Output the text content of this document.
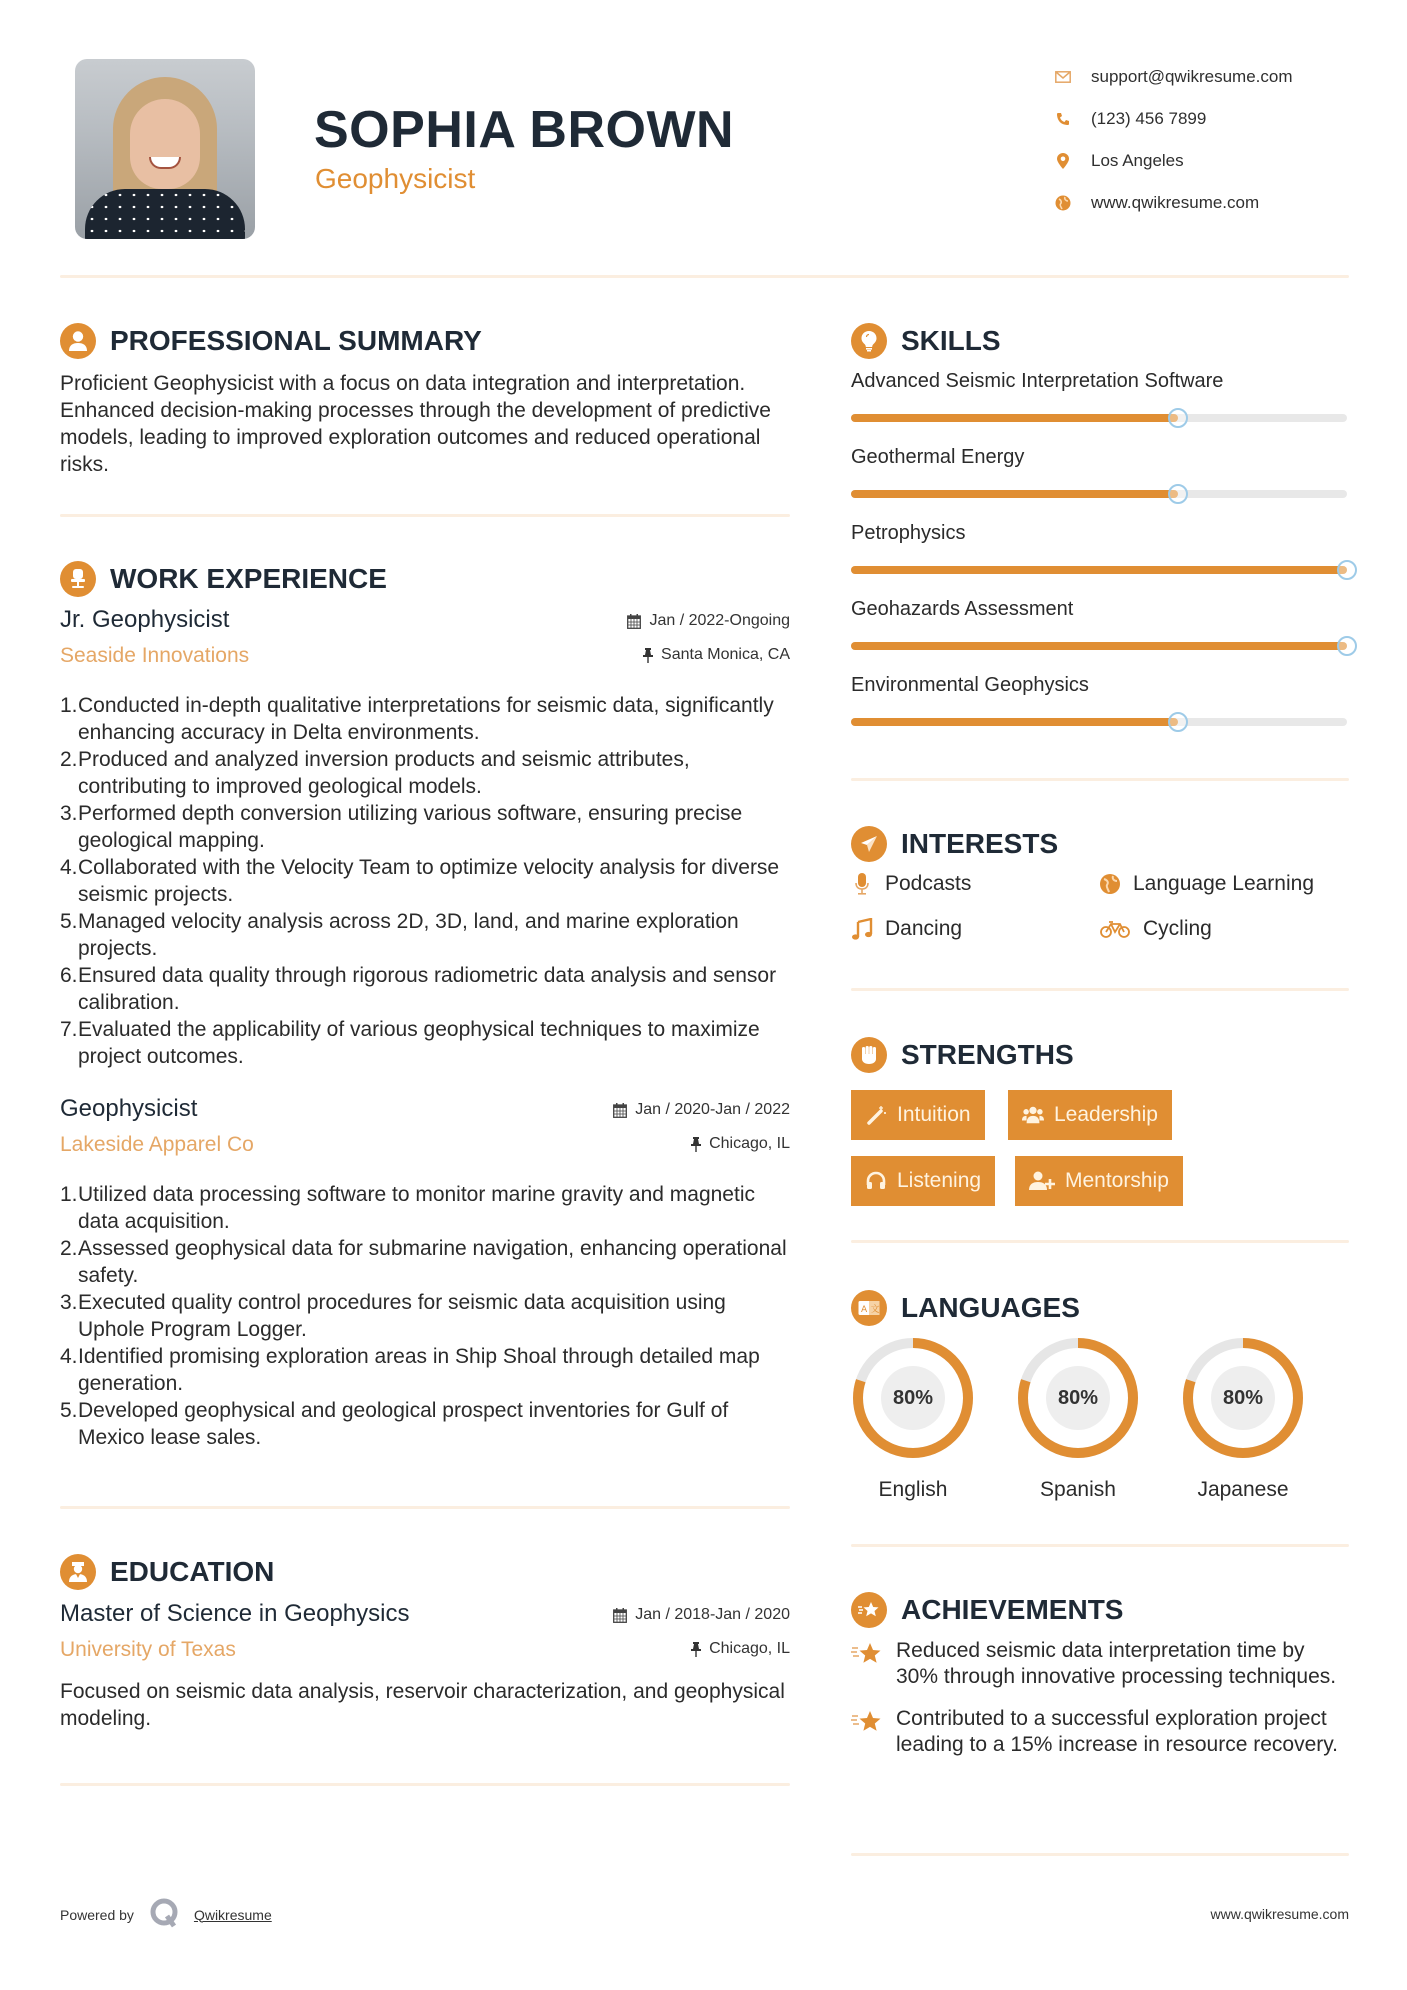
SOPHIA BROWN
Geophysicist
support@qwikresume.com
(123) 456 7899
Los Angeles
www.qwikresume.com
PROFESSIONAL SUMMARY
Proficient Geophysicist with a focus on data integration and interpretation. Enhanced decision-making processes through the development of predictive models, leading to improved exploration outcomes and reduced operational risks.
WORK EXPERIENCE
Jr. Geophysicist
Seaside Innovations
Jan / 2022-Ongoing
Santa Monica, CA
1. Conducted in-depth qualitative interpretations for seismic data, significantly enhancing accuracy in Delta environments.
2. Produced and analyzed inversion products and seismic attributes, contributing to improved geological models.
3. Performed depth conversion utilizing various software, ensuring precise geological mapping.
4. Collaborated with the Velocity Team to optimize velocity analysis for diverse seismic projects.
5. Managed velocity analysis across 2D, 3D, land, and marine exploration projects.
6. Ensured data quality through rigorous radiometric data analysis and sensor calibration.
7. Evaluated the applicability of various geophysical techniques to maximize project outcomes.
Geophysicist
Lakeside Apparel Co
Jan / 2020-Jan / 2022
Chicago, IL
1. Utilized data processing software to monitor marine gravity and magnetic data acquisition.
2. Assessed geophysical data for submarine navigation, enhancing operational safety.
3. Executed quality control procedures for seismic data acquisition using Uphole Program Logger.
4. Identified promising exploration areas in Ship Shoal through detailed map generation.
5. Developed geophysical and geological prospect inventories for Gulf of Mexico lease sales.
EDUCATION
Master of Science in Geophysics
University of Texas
Jan / 2018-Jan / 2020
Chicago, IL
Focused on seismic data analysis, reservoir characterization, and geophysical modeling.
SKILLS
Advanced Seismic Interpretation Software
Geothermal Energy
Petrophysics
Geohazards Assessment
Environmental Geophysics
INTERESTS
Podcasts	Language Learning
Dancing	Cycling
STRENGTHS
Intuition	Leadership
Listening	Mentorship
A 文 LANGUAGES
80%
English
80%
Spanish
80%
Japanese
ACHIEVEMENTS
Reduced seismic data interpretation time by 30% through innovative processing techniques.
Contributed to a successful exploration project leading to a 15% increase in resource recovery.
Powered by	Qwikresume	www.qwikresume.com
